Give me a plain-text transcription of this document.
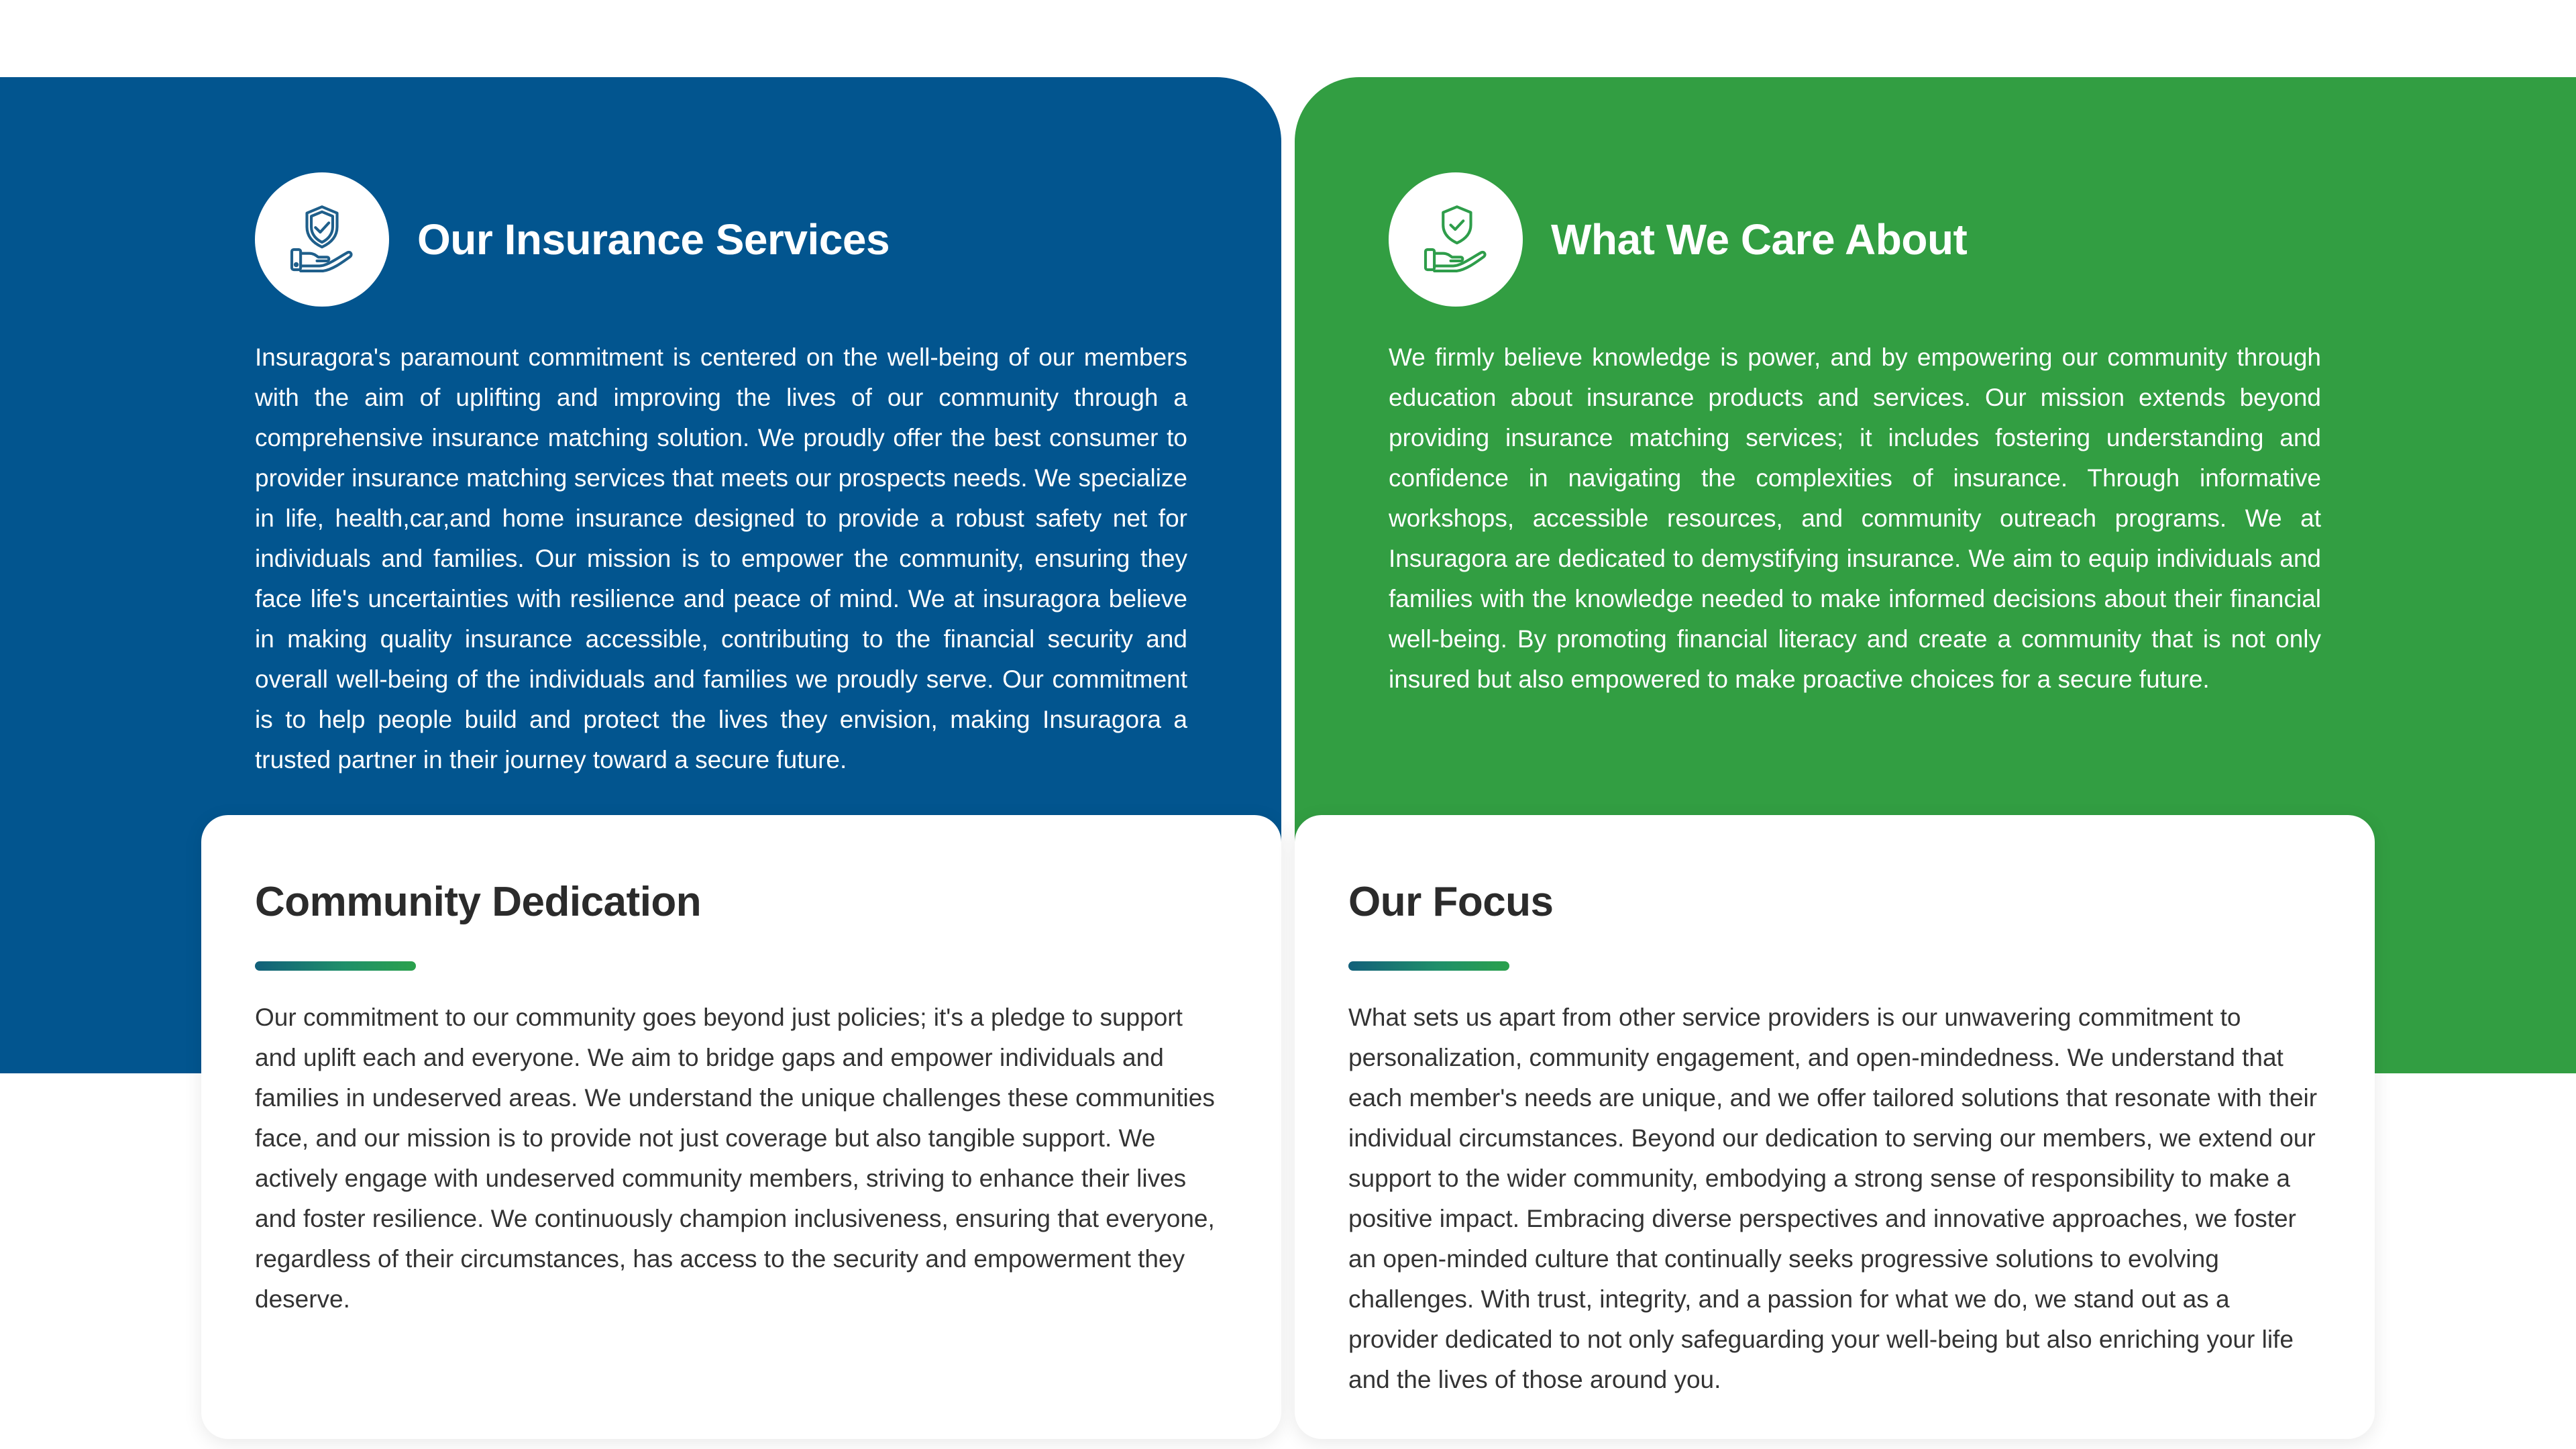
Our Insurance Services

Insuragora's paramount commitment is centered on the well-being of our members with the aim of uplifting and improving the lives of our community through a comprehensive insurance matching solution. We proudly offer the best consumer to provider insurance matching services that meets our prospects needs. We specialize in life, health,car,and home insurance designed to provide a robust safety net for individuals and families. Our mission is to empower the community, ensuring they face life's uncertainties with resilience and peace of mind. We at insuragora believe in making quality insurance accessible, contributing to the financial security and overall well-being of the individuals and families we proudly serve. Our commitment is to help people build and protect the lives they envision, making Insuragora a trusted partner in their journey toward a secure future.

What We Care About

We firmly believe knowledge is power, and by empowering our community through education about insurance products and services. Our mission extends beyond providing insurance matching services; it includes fostering understanding and confidence in navigating the complexities of insurance. Through informative workshops, accessible resources, and community outreach programs. We at Insuragora are dedicated to demystifying insurance. We aim to equip individuals and families with the knowledge needed to make informed decisions about their financial well-being. By promoting financial literacy and create a community that is not only insured but also empowered to make proactive choices for a secure future.

Community Dedication

Our commitment to our community goes beyond just policies; it's a pledge to support and uplift each and everyone. We aim to bridge gaps and empower individuals and families in undeserved areas. We understand the unique challenges these communities face, and our mission is to provide not just coverage but also tangible support. We actively engage with undeserved community members, striving to enhance their lives and foster resilience. We continuously champion inclusiveness, ensuring that everyone, regardless of their circumstances, has access to the security and empowerment they deserve.

Our Focus

What sets us apart from other service providers is our unwavering commitment to personalization, community engagement, and open-mindedness. We understand that each member's needs are unique, and we offer tailored solutions that resonate with their individual circumstances. Beyond our dedication to serving our members, we extend our support to the wider community, embodying a strong sense of responsibility to make a positive impact. Embracing diverse perspectives and innovative approaches, we foster an open-minded culture that continually seeks progressive solutions to evolving challenges. With trust, integrity, and a passion for what we do, we stand out as a provider dedicated to not only safeguarding your well-being but also enriching your life and the lives of those around you.
